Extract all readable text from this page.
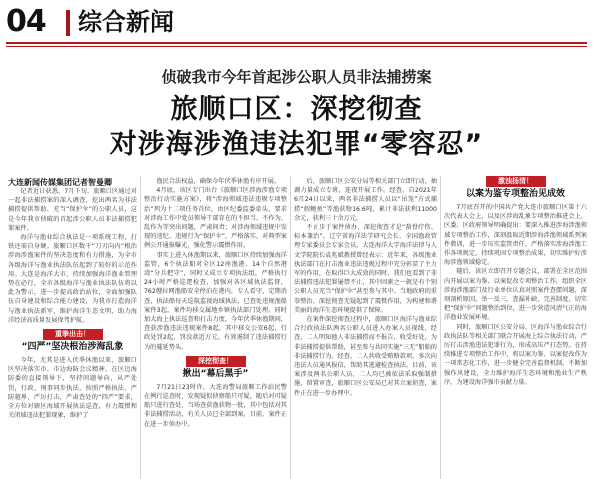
04 综合新闻
侦破我市今年首起涉公职人员非法捕捞案
旅顺口区：深挖彻查
对涉海涉渔违法犯罪“零容忍”
大连新闻传媒集团记者智曼卿

记者近日获悉，7月下旬，旅顺口区通过对一起非法捕捞案的深入调查，挖出两名为非法捕捞提供帮助、充当“保护伞”的公职人员，这是今年我市侦破的首起涉公职人员非法捕捞犯罪案件。

海洋与渔业综合执法是一项系统工程，打铁还需自身硬。旅顺口区数千“刀刃向内”根治涉海涉渔案件的坚决态度和有力措施，为全市各级海洋与渔业执法队伍起到了较好的示范作用。大连是海洋大市，持续加强海洋渔业管理势在必行，全市各级海洋与渔业执法队伍将以此为警示，进一步提高政治站位，全面加强队伍自身建设和综合能力建设，为我市打造海洋与渔业执法新军，维护海洋生态文明、助力海洋经济高质量发展保驾护航。

重拳出击！
“四严”坚决根治涉海乱象

今年，尤其是进入伏季休渔以来，旅顺口区坚决落实市、市边海防会议精神，在区边海防委的直接领导下，坚持问题导向，从严处罚，行政、刑事同步执法，按照严格执法、严防越界、严厉打击，严肃查处的“四严”要求，全方位对辖区海域开展执法巡查，有力震慑和关闭域违法犯罪现象，维护了

渔民合法权益，确保今年伏季休渔有序开展。

4月底，该区专门出台《旅顺口区涉海涉渔专项整治行动实施方案》，将“涉海领域违法违规专项整治”列为十二项任务首位，由区纪委监委牵头，要求对涉海工作中党员领导干部存在的不担当、不作为、乱作为等突出问题，严肃问责；对涉海领域违规中发现的违纪、违规行为“保护伞”，严格落实，对典型案例公开通报曝光，强化警示震慑作用。

事实上进入休渔期以来，旅顺口区持续加强海洋监管，6个执法船对全区12座渔港、14个自然港湾“分兵把守”，同时又成立专项执法组，严格执行24小时严格巡逻检查，加强对各区域执法监督，762艘拉网渔船安全停泊在港内，专人看守，定期消查，执法船每天巡航监视海域执法，已查处违规渔船案件3起，案件均移交属地乡镇执法部门处理。同时加大海上执法巡查和打击力度，今年伏季休渔期间，查获涉渔违法违规案件8起，其中移交公安6起，行政处罚2起，罚没款近万元。有效遏制了违法捕捞行为的蔓延势头。

深挖彻查！
揪出“幕后黑手”

7月21日23时许，大连海警局旅顺工作站民警在例行巡查时，发现疑似侦察船只可疑，随后对可疑船只进行查处，当场查获渔获物一批，其中包括对其非法捕捞活动，有关人员已全部到案，目前，案件正在进一步侦办中。

后，旅顺口区公安分局等相关部门立即行动，抽调力量成立专班，连夜开展工作。经查，自2021年6月24日以来，两名非法捕捞人员以“吊笼”方式捕捞“假鲍鱼”等渔获物16.6吨，累计非法获利11000余元，获利三十余万元。

不止步于案件侦办，深挖彻查才是“刮骨疗伤、标本兼治”。辽宁省海洋法学研究会长、全国渔政管理专家委员会专家会员，大连海洋大学海洋法律与人文学院院长袁兆斌教授曾经表示：近年来，各级渔业执法部门在打击渔业违法违规过程中充分彰显了主力军的作用，在取得巨大成效的同时，我们也看到了非法捕捞违法犯罪屡禁不止，其中因素之一就是有个别公职人员充当“保护伞”甚至参与其中。当地政府的重拳整治、深挖彻查无疑起到了震慑作用，为构建和谐美丽的海洋生态环境提供了保障。

在案件深挖彻查过程中，旅顺口区海洋与渔业综合行政执法队两名公职人员进入办案人员视线，经查，二人明知他人非法捕捞而不报告，收受好处，为非法捕捞提供帮助，甚至参与共同实施“三无”船舶的非法捕捞行为。经查，二人共收受贿赂款项，多次向违法人员通风报信，帮助其逃避检查执法。目前，该案涉及两名公职人员，二人均已被依法采取强制措施，留置审查，旅顺口区公安局已对其立案侦查，案件正在进一步办理中。

激浊扬清！
以案为鉴专项整治见成效

7月底召开的中国共产党大连市旅顺口区第十六次代表大会上，以及区涉海乱象专项整治推进会上，区委、区政府领导明确提出：要深入推进涉海涉渔领域专项整治工作，深刻汲取近期涉海涉渔领域系列案件教训，进一步压实监管责任，严格落实涉海涉渔工作各项规定，持续巩固专项整治成果，切实维护好涉海涉渔领域稳定。

随后，该区立即召开专题会议，部署在全区范围内开展以案为鉴、以案促改专项整治工作，组织全区涉海涉渔部门及行业单位认真对照案件查摆问题，深刻剖析原因，举一反三，查漏补缺，完善制度，切实把“保护伞”问题整治到位，进一步营造风清气正的海洋渔业发展环境。

同时，旅顺口区公安分局、区海洋与渔业综合行政执法队等相关部门联合开展海上综合执法行动，严厉打击涉渔违法犯罪行为，形成高压严打态势。在持续推进专项整治工作中，将以案为鉴、以案促改作为一项常态化工作，进一步健全完善监督机制，不断加强作风建设，全力维护海洋生态环境和渔业生产秩序，为建设海洋强市贡献力量。
